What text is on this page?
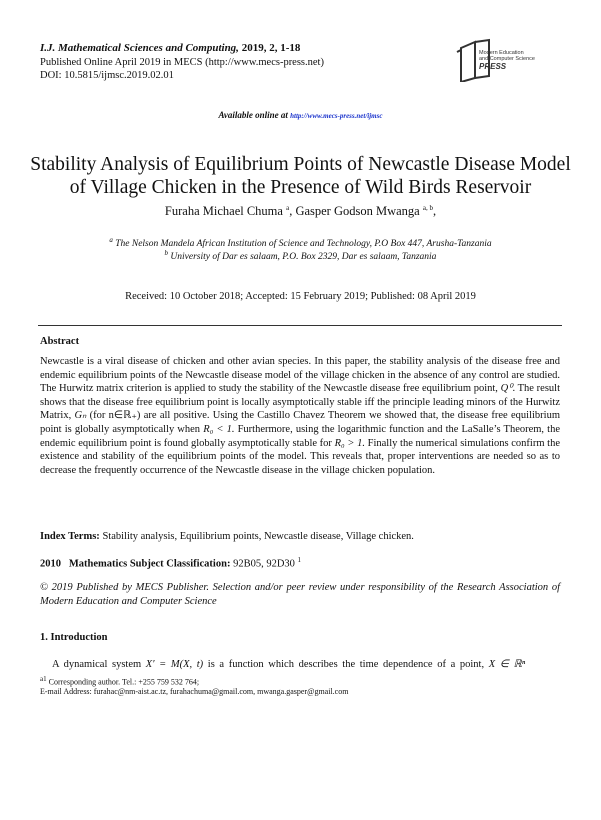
I.J. Mathematical Sciences and Computing, 2019, 2, 1-18
Published Online April 2019 in MECS (http://www.mecs-press.net)
DOI: 10.5815/ijmsc.2019.02.01
Modern Education
and Computer Science
PRESS
Available online at http://www.mecs-press.net/ijmsc
Stability Analysis of Equilibrium Points of Newcastle Disease Model
of Village Chicken in the Presence of Wild Birds Reservoir
Furaha Michael Chuma $^a$, Gasper Godson Mwanga $^{a, b}$,
$^a$ The Nelson Mandela African Institution of Science and Technology, P.O Box 447, Arusha-Tanzania
$^b$ University of Dar es salaam, P.O. Box 2329, Dar es salaam, Tanzania
Received: 10 October 2018; Accepted: 15 February 2019; Published: 08 April 2019
Abstract
Newcastle is a viral disease of chicken and other avian species. In this paper, the stability analysis of the disease free and endemic equilibrium points of the Newcastle disease model of the village chicken in the absence of any control are studied. The Hurwitz matrix criterion is applied to study the stability of the Newcastle disease free equilibrium point, Q⁰. The result shows that the disease free equilibrium point is locally asymptotically stable iff the principle leading minors of the Hurwitz Matrix, Gₙ (for n∈ℝ₊) are all positive. Using the Castillo Chavez Theorem we showed that, the disease free equilibrium point is globally asymptotically when R₀ < 1. Furthermore, using the logarithmic function and the LaSalle’s Theorem, the endemic equilibrium point is found globally asymptotically stable for R₀ > 1. Finally the numerical simulations confirm the existence and stability of the equilibrium points of the model. This reveals that, proper interventions are needed so as to decrease the frequently occurrence of the Newcastle disease in the village chicken population.
Index Terms: Stability analysis, Equilibrium points, Newcastle disease, Village chicken.
2010   Mathematics Subject Classification: 92B05, 92D30 $^1$
© 2019 Published by MECS Publisher. Selection and/or peer review under responsibility of the Research Association of Modern Education and Computer Science
1. Introduction
A dynamical system X′ = M(X, t) is a function which describes the time dependence of a point, X ∈ ℝⁿ
$^{a1}$ Corresponding author. Tel.: +255 759 532 764;
E-mail Address: furahac@nm-aist.ac.tz, furahachuma@gmail.com, mwanga.gasper@gmail.com
